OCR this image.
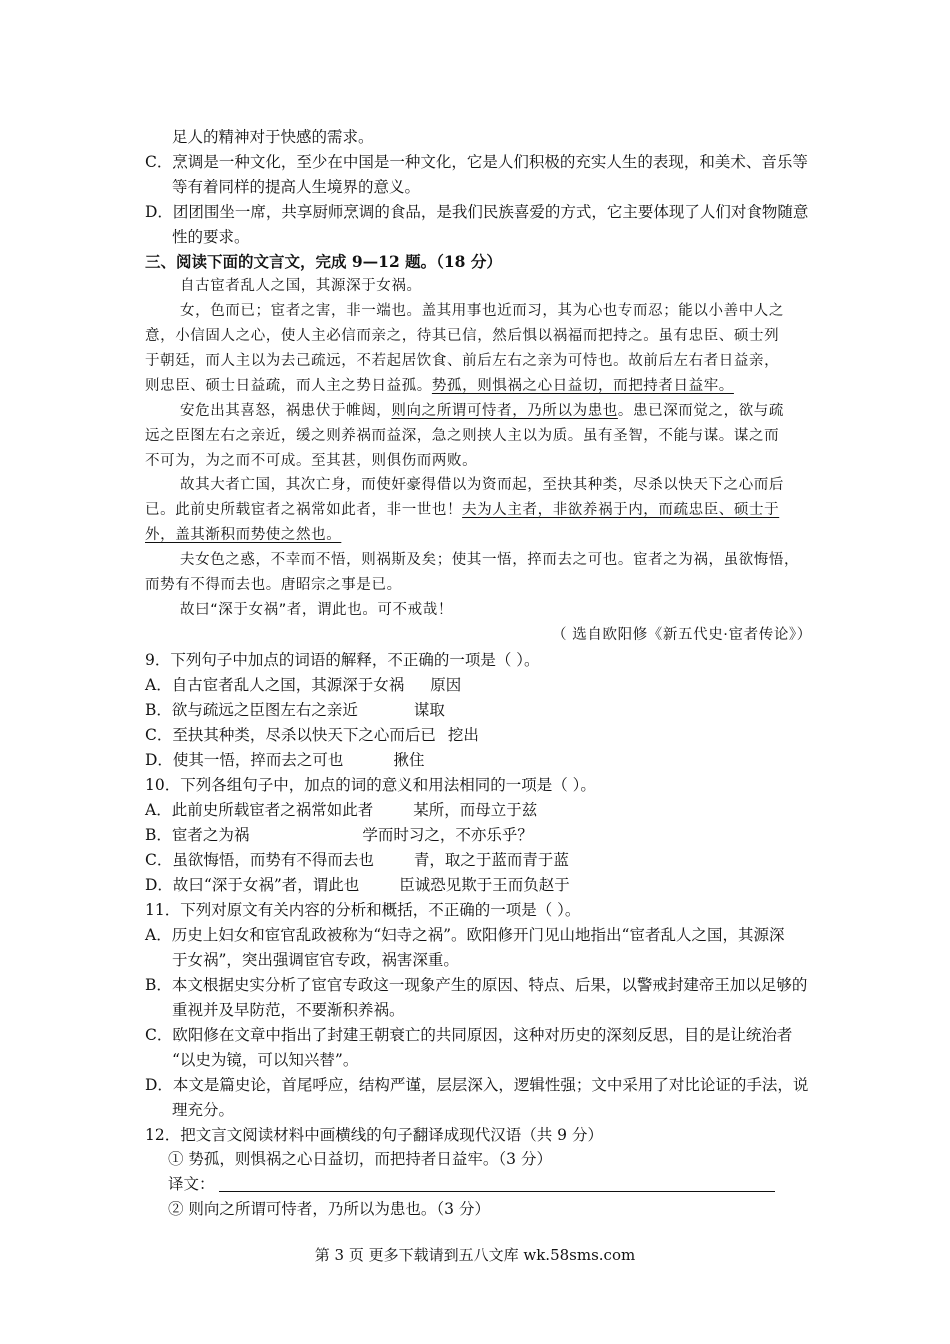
足人的精神对于快感的需求。

C．烹调是一种文化，至少在中国是一种文化，它是人们积极的充实人生的表现，和美术、音乐等

等有着同样的提高人生境界的意义。

D．团团围坐一席，共享厨师烹调的食品，是我们民族喜爱的方式，它主要体现了人们对食物随意

性的要求。

三、阅读下面的文言文，完成 9—12 题。（18 分）

自古宦者乱人之国，其源深于女祸。

女，色而已；宦者之害，非一端也。盖其用事也近而习，其为心也专而忍；能以小善中人之

意，小信固人之心，使人主必信而亲之，待其已信，然后惧以祸福而把持之。虽有忠臣、硕士列

于朝廷，而人主以为去己疏远，不若起居饮食、前后左右之亲为可恃也。故前后左右者日益亲，

则忠臣、硕士日益疏，而人主之势日益孤。势孤，则惧祸之心日益切，而把持者日益牢。

安危出其喜怒，祸患伏于帷闼，则向之所谓可恃者，乃所以为患也。患已深而觉之，欲与疏

远之臣图左右之亲近，缓之则养祸而益深，急之则挟人主以为质。虽有圣智，不能与谋。谋之而

不可为，为之而不可成。至其甚，则俱伤而两败。

故其大者亡国，其次亡身，而使奸豪得借以为资而起，至抉其种类，尽杀以快天下之心而后

已。此前史所载宦者之祸常如此者，非一世也！夫为人主者，非欲养祸于内，而疏忠臣、硕士于

外，盖其渐积而势使之然也。

夫女色之惑，不幸而不悟，则祸斯及矣；使其一悟，捽而去之可也。宦者之为祸，虽欲悔悟，

而势有不得而去也。唐昭宗之事是已。

故曰“深于女祸”者，谓此也。可不戒哉！

（ 选自欧阳修《新五代史·宦者传论》）

9．下列句子中加点的词语的解释，不正确的一项是（ ）。

A．自古宦者乱人之国，其源深于女祸 原因

B．欲与疏远之臣图左右之亲近	谋取

C．至抉其种类，尽杀以快天下之心而后已 挖出

D．使其一悟，捽而去之可也	揪住

10．下列各组句子中，加点的词的意义和用法相同的一项是（ ）。

A．此前史所载宦者之祸常如此者	某所，而母立于兹

B．宦者之为祸	学而时习之，不亦乐乎？

C．虽欲悔悟，而势有不得而去也	青，取之于蓝而青于蓝

D．故曰“深于女祸”者，谓此也	臣诚恐见欺于王而负赵于

11．下列对原文有关内容的分析和概括，不正确的一项是（ ）。

A．历史上妇女和宦官乱政被称为“妇寺之祸”。欧阳修开门见山地指出“宦者乱人之国，其源深

于女祸”，突出强调宦官专政，祸害深重。

B．本文根据史实分析了宦官专政这一现象产生的原因、特点、后果，以警戒封建帝王加以足够的

重视并及早防范，不要渐积养祸。

C．欧阳修在文章中指出了封建王朝衰亡的共同原因，这种对历史的深刻反思，目的是让统治者

“以史为镜，可以知兴替”。

D．本文是篇史论，首尾呼应，结构严谨，层层深入，逻辑性强；文中采用了对比论证的手法，说

理充分。

12．把文言文阅读材料中画横线的句子翻译成现代汉语（共 9 分）

① 势孤，则惧祸之心日益切，而把持者日益牢。（3 分）

译文：

② 则向之所谓可恃者，乃所以为患也。（3 分）

第 3 页 更多下载请到五八文库 wk.58sms.com
